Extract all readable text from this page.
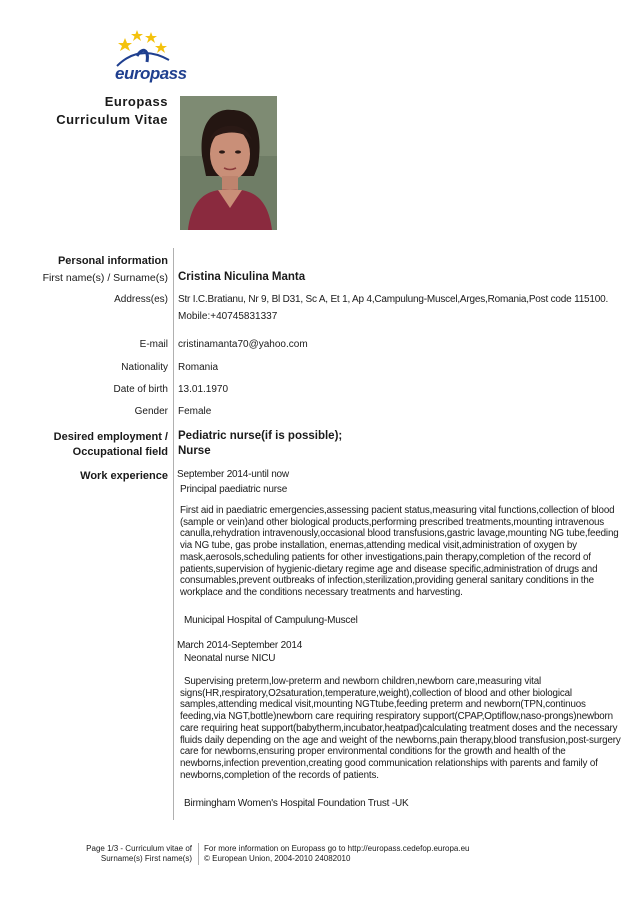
europass
Europass
Curriculum Vitae
Personal information
First name(s) / Surname(s) Cristina Niculina Manta
Address(es) Str I.C.Bratianu, Nr 9, Bl D31, Sc A, Et 1, Ap 4,Campulung-Muscel,Arges,Romania,Post code 115100.
Mobile:+40745831337
E-mail cristinamanta70@yahoo.com
Nationality Romania
Date of birth 13.01.1970
Gender Female
Desired employment /
Occupational field
Pediatric nurse(if is possible);
Nurse
Work experience September 2014-until now
Principal paediatric nurse
First aid in paediatric emergencies,assessing pacient status,measuring vital functions,collection of blood
(sample or vein)and other biological products,performing prescribed treatments,mounting intravenous
canulla,rehydration intravenously,occasional blood transfusions,gastric lavage,mounting NG tube,feeding
via NG tube, gas probe installation, enemas,attending medical visit,administration of oxygen by
mask,aerosols,scheduling patients for other investigations,pain therapy,completion of the record of
patients,supervision of hygienic-dietary regime age and disease specific,administration of drugs and
consumables,prevent outbreaks of infection,sterilization,providing general sanitary conditions in the
workplace and the conditions necessary treatments and harvesting.
Municipal Hospital of Campulung-Muscel
March 2014-September 2014
Neonatal nurse NICU
Supervising preterm,low-preterm and newborn children,newborn care,measuring vital
signs(HR,respiratory,O2saturation,temperature,weight),collection of blood and other biological
samples,attending medical visit,mounting NGTtube,feeding preterm and newborn(TPN,continuos
feeding,via NGT,bottle)newborn care requiring respiratory support(CPAP,Optiflow,naso-prongs)newborn
care requiring heat support(babytherm,incubator,heatpad)calculating treatment doses and the necessary
fluids daily depending on the age and weight of the newborns,pain therapy,blood transfusion,post-surgery
care for newborns,ensuring proper environmental conditions for the growth and health of the
newborns,infection prevention,creating good communication relationships with parents and family of
newborns,completion of the records of patients.
Birmingham Women's Hospital Foundation Trust -UK
Page 1/3 - Curriculum vitae of
Surname(s) First name(s)
For more information on Europass go to http://europass.cedefop.europa.eu
© European Union, 2004-2010 24082010
